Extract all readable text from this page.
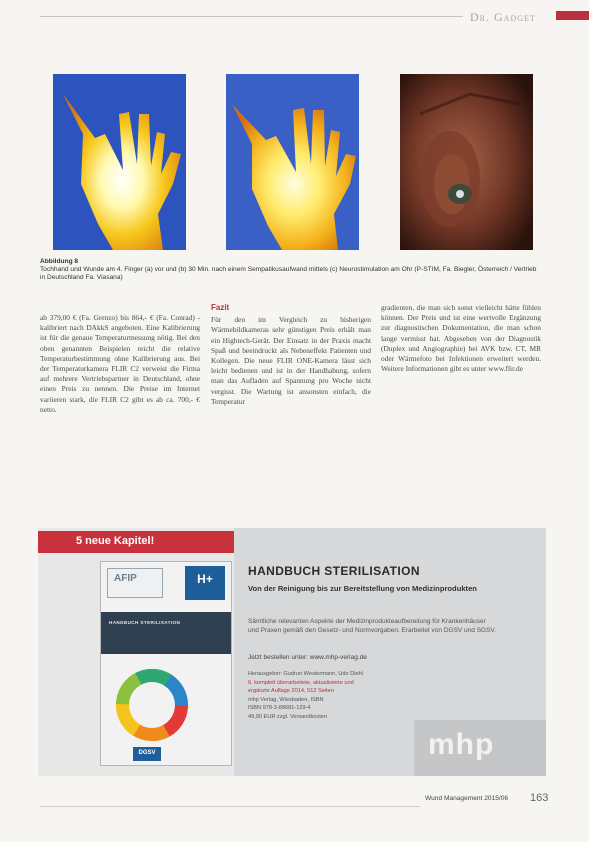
Dr. Gadget
Abbildung 8
Tochhand und Wunde am 4. Finger (a) vor und (b) 30 Min. nach einem Sempatikusaufwand mittels (c) Neurostimulation am Ohr (P-STIM, Fa. Biegler, Österreich / Vertrieb in Deutschland Fa. Viasana)
ab 379,00 € (Fa. Grenzo) bis 864,- € (Fa. Conrad) - kalibriert nach DAkkS angeboten. Eine Kalibrierung ist für die genaue Temperaturmessung nötig. Bei den oben genannten Beispielen reicht die relative Temperaturbestimmung ohne Kalibrierung aus. Bei der Temperaturkamera FLIR C2 verweist die Firma auf mehrere Vertriebspartner in Deutschland, ohne einen Preis zu nennen. Die Preise im Internet variieren stark, die FLIR C2 gibt es ab ca. 700,- € netto.
Fazit
Für den im Vergleich zu bisherigen Wärmebildkameras sehr günstigen Preis erhält man ein Hightech-Gerät. Der Einsatz in der Praxis macht Spaß und beeindruckt als Nebeneffekt Patienten und Kollegen. Die neue FLIR ONE-Kamera lässt sich leicht bedienen und ist in der Handhabung, sofern man das Aufladen auf Spannung pro Woche nicht vergisst. Die Wartung ist ansonsten einfach, die Temperatur
gradienten, die man sich sonst vielleicht hätte fühlen können. Der Preis und ist eine wertvolle Ergänzung zur diagnostischen Dokumentation, die man schon lange vermisst hat. Abgesehen von der Diagnostik (Duplex und Angiographie) bei AVK bzw. CT, MR oder Wärmefoto bei Infektionen erweitert werden. Weitere Informationen gibt es unter www.flir.de
5 neue Kapitel!
AFIP	H+
HANDBUCH STERILISATION
DGSV
HANDBUCH STERILISATION
Von der Reinigung bis zur Bereitstellung von Medizinprodukten
Sämtliche relevanten Aspekte der Medizinprodukteaufbereitung für Krankenhäuser und Praxen gemäß den Gesetz- und Normvorgaben. Erarbeitet von DGSV und SGSV.
Jetzt bestellen unter: www.mhp-verlag.de
Herausgeber: Gudrun Westermann, Udo Diehl
6. komplett überarbeitete, aktualisierte und
ergänzte Auflage 2014, 512 Seiten
mhp Verlag, Wiesbaden, ISBN
ISBN 978-3-88681-129-4
49,90 EUR zzgl. Versandkosten
mhp
Wund Management 2015/06 163
